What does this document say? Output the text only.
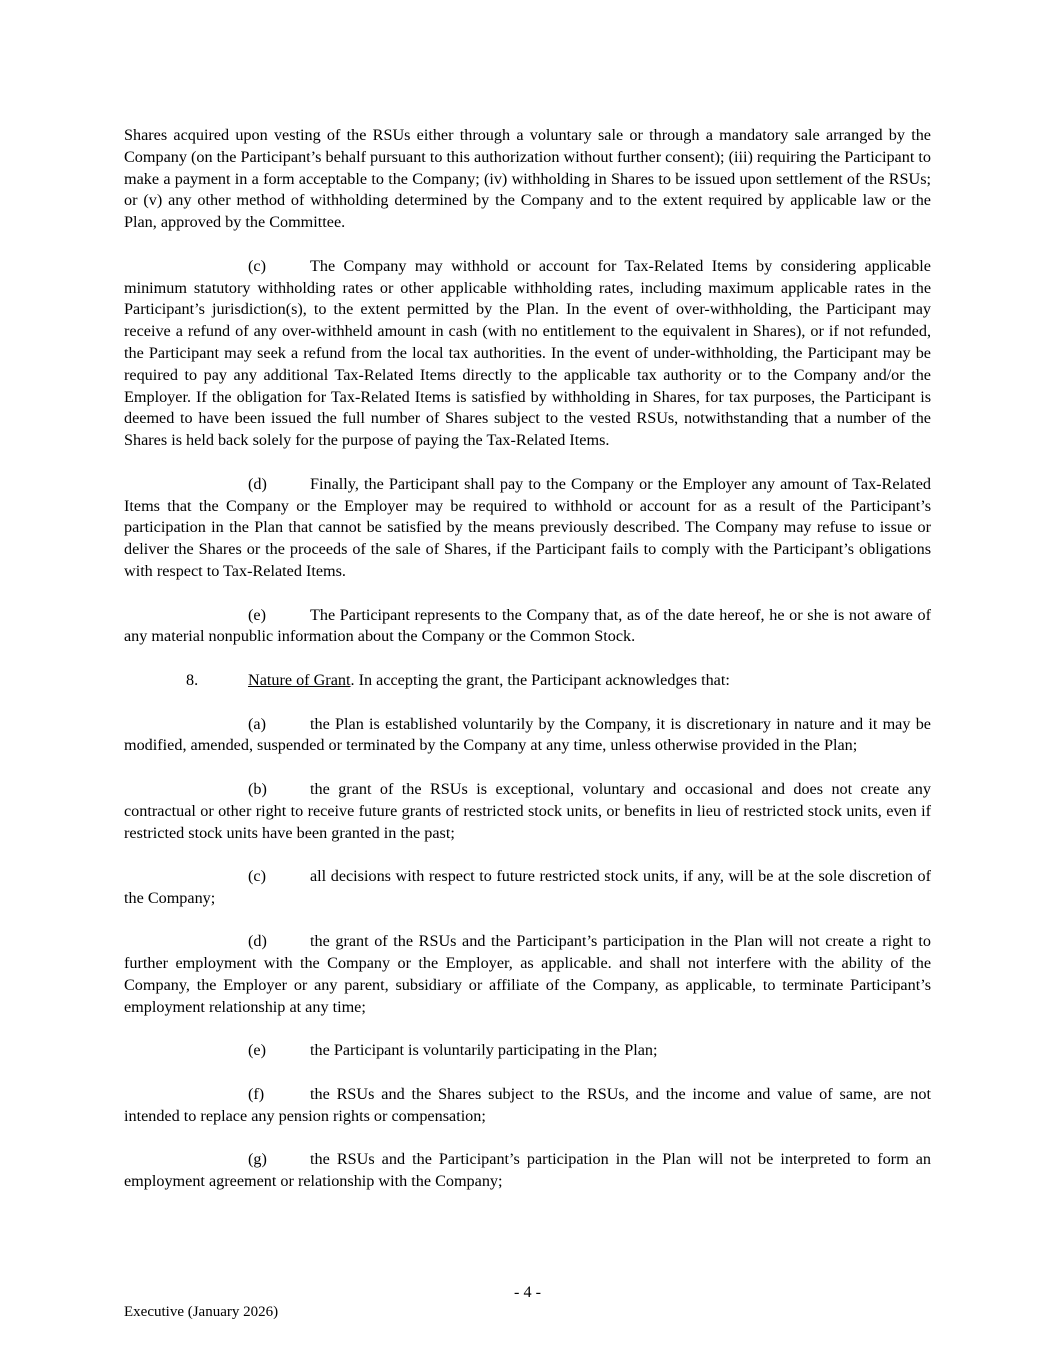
Shares acquired upon vesting of the RSUs either through a voluntary sale or through a mandatory sale arranged by the Company (on the Participant’s behalf pursuant to this authorization without further consent); (iii) requiring the Participant to make a payment in a form acceptable to the Company; (iv) withholding in Shares to be issued upon settlement of the RSUs; or (v) any other method of withholding determined by the Company and to the extent required by applicable law or the Plan, approved by the Committee.

(c)	The Company may withhold or account for Tax-Related Items by considering applicable minimum statutory withholding rates or other applicable withholding rates, including maximum applicable rates in the Participant’s jurisdiction(s), to the extent permitted by the Plan. In the event of over-withholding, the Participant may receive a refund of any over-withheld amount in cash (with no entitlement to the equivalent in Shares), or if not refunded, the Participant may seek a refund from the local tax authorities. In the event of under-withholding, the Participant may be required to pay any additional Tax-Related Items directly to the applicable tax authority or to the Company and/or the Employer. If the obligation for Tax-Related Items is satisfied by withholding in Shares, for tax purposes, the Participant is deemed to have been issued the full number of Shares subject to the vested RSUs, notwithstanding that a number of the Shares is held back solely for the purpose of paying the Tax-Related Items.

(d)	Finally, the Participant shall pay to the Company or the Employer any amount of Tax-Related Items that the Company or the Employer may be required to withhold or account for as a result of the Participant’s participation in the Plan that cannot be satisfied by the means previously described. The Company may refuse to issue or deliver the Shares or the proceeds of the sale of Shares, if the Participant fails to comply with the Participant’s obligations with respect to Tax-Related Items.

(e)	The Participant represents to the Company that, as of the date hereof, he or she is not aware of any material nonpublic information about the Company or the Common Stock.

8.	Nature of Grant. In accepting the grant, the Participant acknowledges that:

(a)	the Plan is established voluntarily by the Company, it is discretionary in nature and it may be modified, amended, suspended or terminated by the Company at any time, unless otherwise provided in the Plan;

(b)	the grant of the RSUs is exceptional, voluntary and occasional and does not create any contractual or other right to receive future grants of restricted stock units, or benefits in lieu of restricted stock units, even if restricted stock units have been granted in the past;

(c)	all decisions with respect to future restricted stock units, if any, will be at the sole discretion of the Company;

(d)	the grant of the RSUs and the Participant’s participation in the Plan will not create a right to further employment with the Company or the Employer, as applicable. and shall not interfere with the ability of the Company, the Employer or any parent, subsidiary or affiliate of the Company, as applicable, to terminate Participant’s employment relationship at any time;

(e)	the Participant is voluntarily participating in the Plan;

(f)	the RSUs and the Shares subject to the RSUs, and the income and value of same, are not intended to replace any pension rights or compensation;

(g)	the RSUs and the Participant’s participation in the Plan will not be interpreted to form an employment agreement or relationship with the Company;

- 4 -
Executive (January 2026)
